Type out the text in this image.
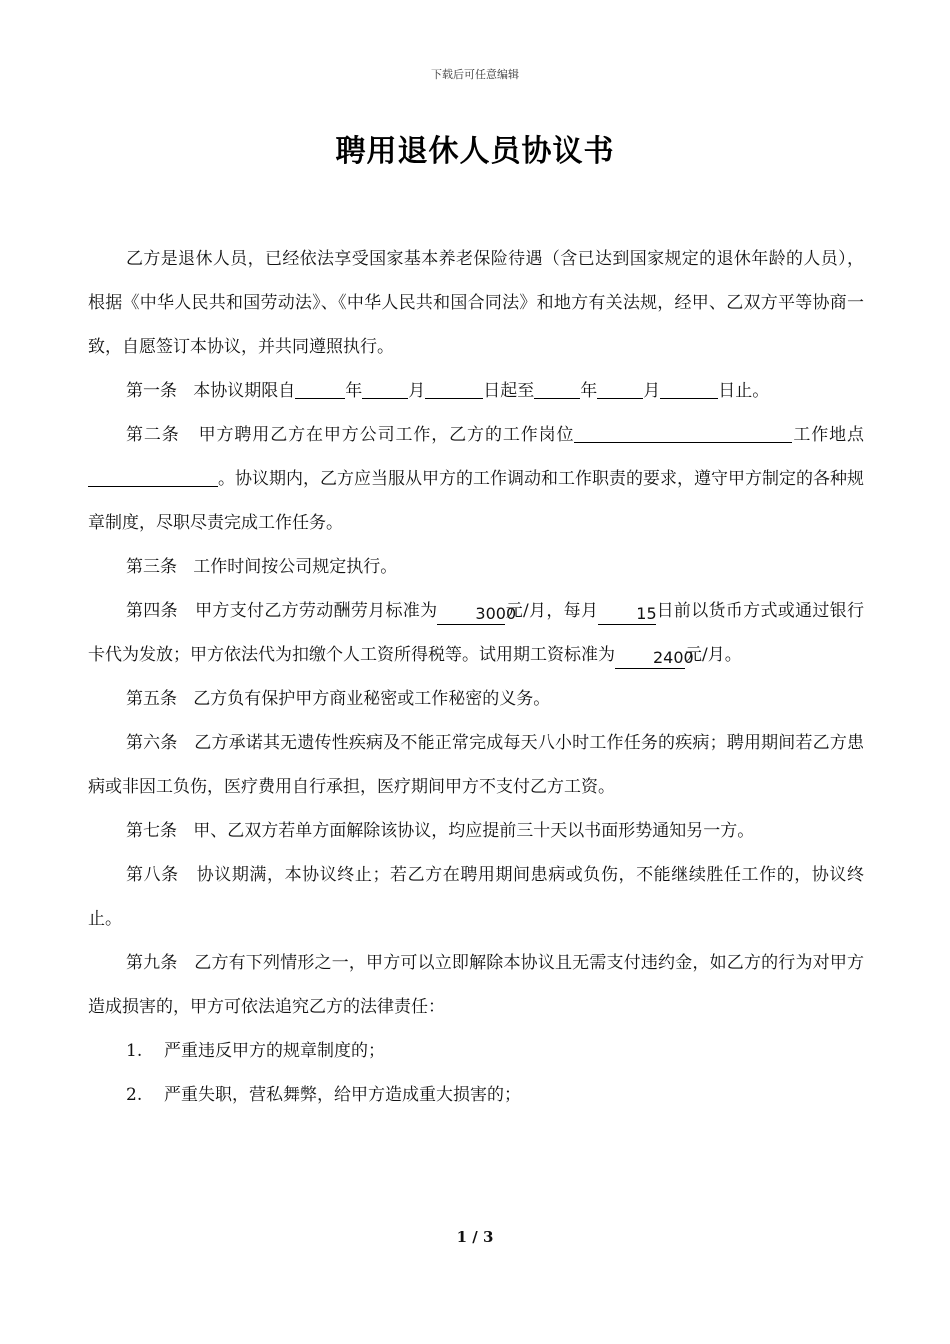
下载后可任意编辑
聘用退休人员协议书

乙方是退休人员，已经依法享受国家基本养老保险待遇（含已达到国家规定的退休年龄的人员），根据《中华人民共和国劳动法》、《中华人民共和国合同法》和地方有关法规，经甲、乙双方平等协商一致，自愿签订本协议，并共同遵照执行。

第一条 本协议期限自	年	月	日起至	年	月	日止。

第二条 甲方聘用乙方在甲方公司工作，乙方的工作岗位	工作地点。协议期内，乙方应当服从甲方的工作调动和工作职责的要求，遵守甲方制定的各种规章制度，尽职尽责完成工作任务。

第三条 工作时间按公司规定执行。

第四条 甲方支付乙方劳动酬劳月标准为 3000元/月，每月 15日前以货币方式或通过银行卡代为发放；甲方依法代为扣缴个人工资所得税等。试用期工资标准为 2400元/月。

第五条 乙方负有保护甲方商业秘密或工作秘密的义务。

第六条 乙方承诺其无遗传性疾病及不能正常完成每天八小时工作任务的疾病；聘用期间若乙方患病或非因工负伤，医疗费用自行承担，医疗期间甲方不支付乙方工资。

第七条 甲、乙双方若单方面解除该协议，均应提前三十天以书面形势通知另一方。

第八条 协议期满，本协议终止；若乙方在聘用期间患病或负伤，不能继续胜任工作的，协议终止。

第九条 乙方有下列情形之一，甲方可以立即解除本协议且无需支付违约金，如乙方的行为对甲方造成损害的，甲方可依法追究乙方的法律责任：

1. 严重违反甲方的规章制度的；

2. 严重失职，营私舞弊，给甲方造成重大损害的；

1 / 3
